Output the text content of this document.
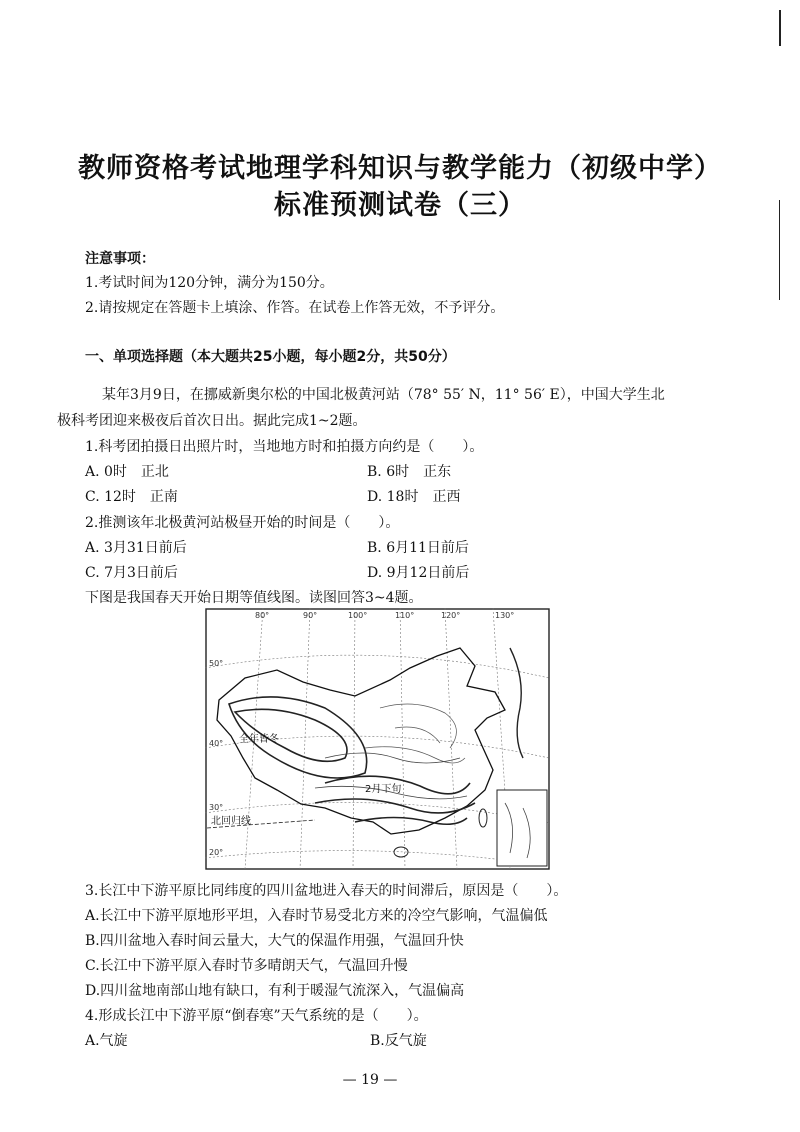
教师资格考试地理学科知识与教学能力（初级中学）
标准预测试卷（三）
注意事项：
1.考试时间为120分钟，满分为150分。
2.请按规定在答题卡上填涂、作答。在试卷上作答无效，不予评分。
一、单项选择题（本大题共25小题，每小题2分，共50分）
某年3月9日，在挪威新奥尔松的中国北极黄河站（78° 55′ N，11° 56′ E），中国大学生北
极科考团迎来极夜后首次日出。据此完成1~2题。
1.科考团拍摄日出照片时，当地地方时和拍摄方向约是（　　）。
A. 0时　正北	B. 6时　正东
C. 12时　正南	D. 18时　正西
2.推测该年北极黄河站极昼开始的时间是（　　）。
A. 3月31日前后	B. 6月11日前后
C. 7月3日前后	D. 9月12日前后
下图是我国春天开始日期等值线图。读图回答3~4题。
全年皆冬
2月下旬
北回归线
80°	90°	100°	110°	120°	130°
50°
40°
30°
20°
3.长江中下游平原比同纬度的四川盆地进入春天的时间滞后，原因是（　　）。
A.长江中下游平原地形平坦，入春时节易受北方来的冷空气影响，气温偏低
B.四川盆地入春时间云量大，大气的保温作用强，气温回升快
C.长江中下游平原入春时节多晴朗天气，气温回升慢
D.四川盆地南部山地有缺口，有利于暖湿气流深入，气温偏高
4.形成长江中下游平原“倒春寒”天气系统的是（　　）。
A.气旋	B.反气旋
— 19 —
